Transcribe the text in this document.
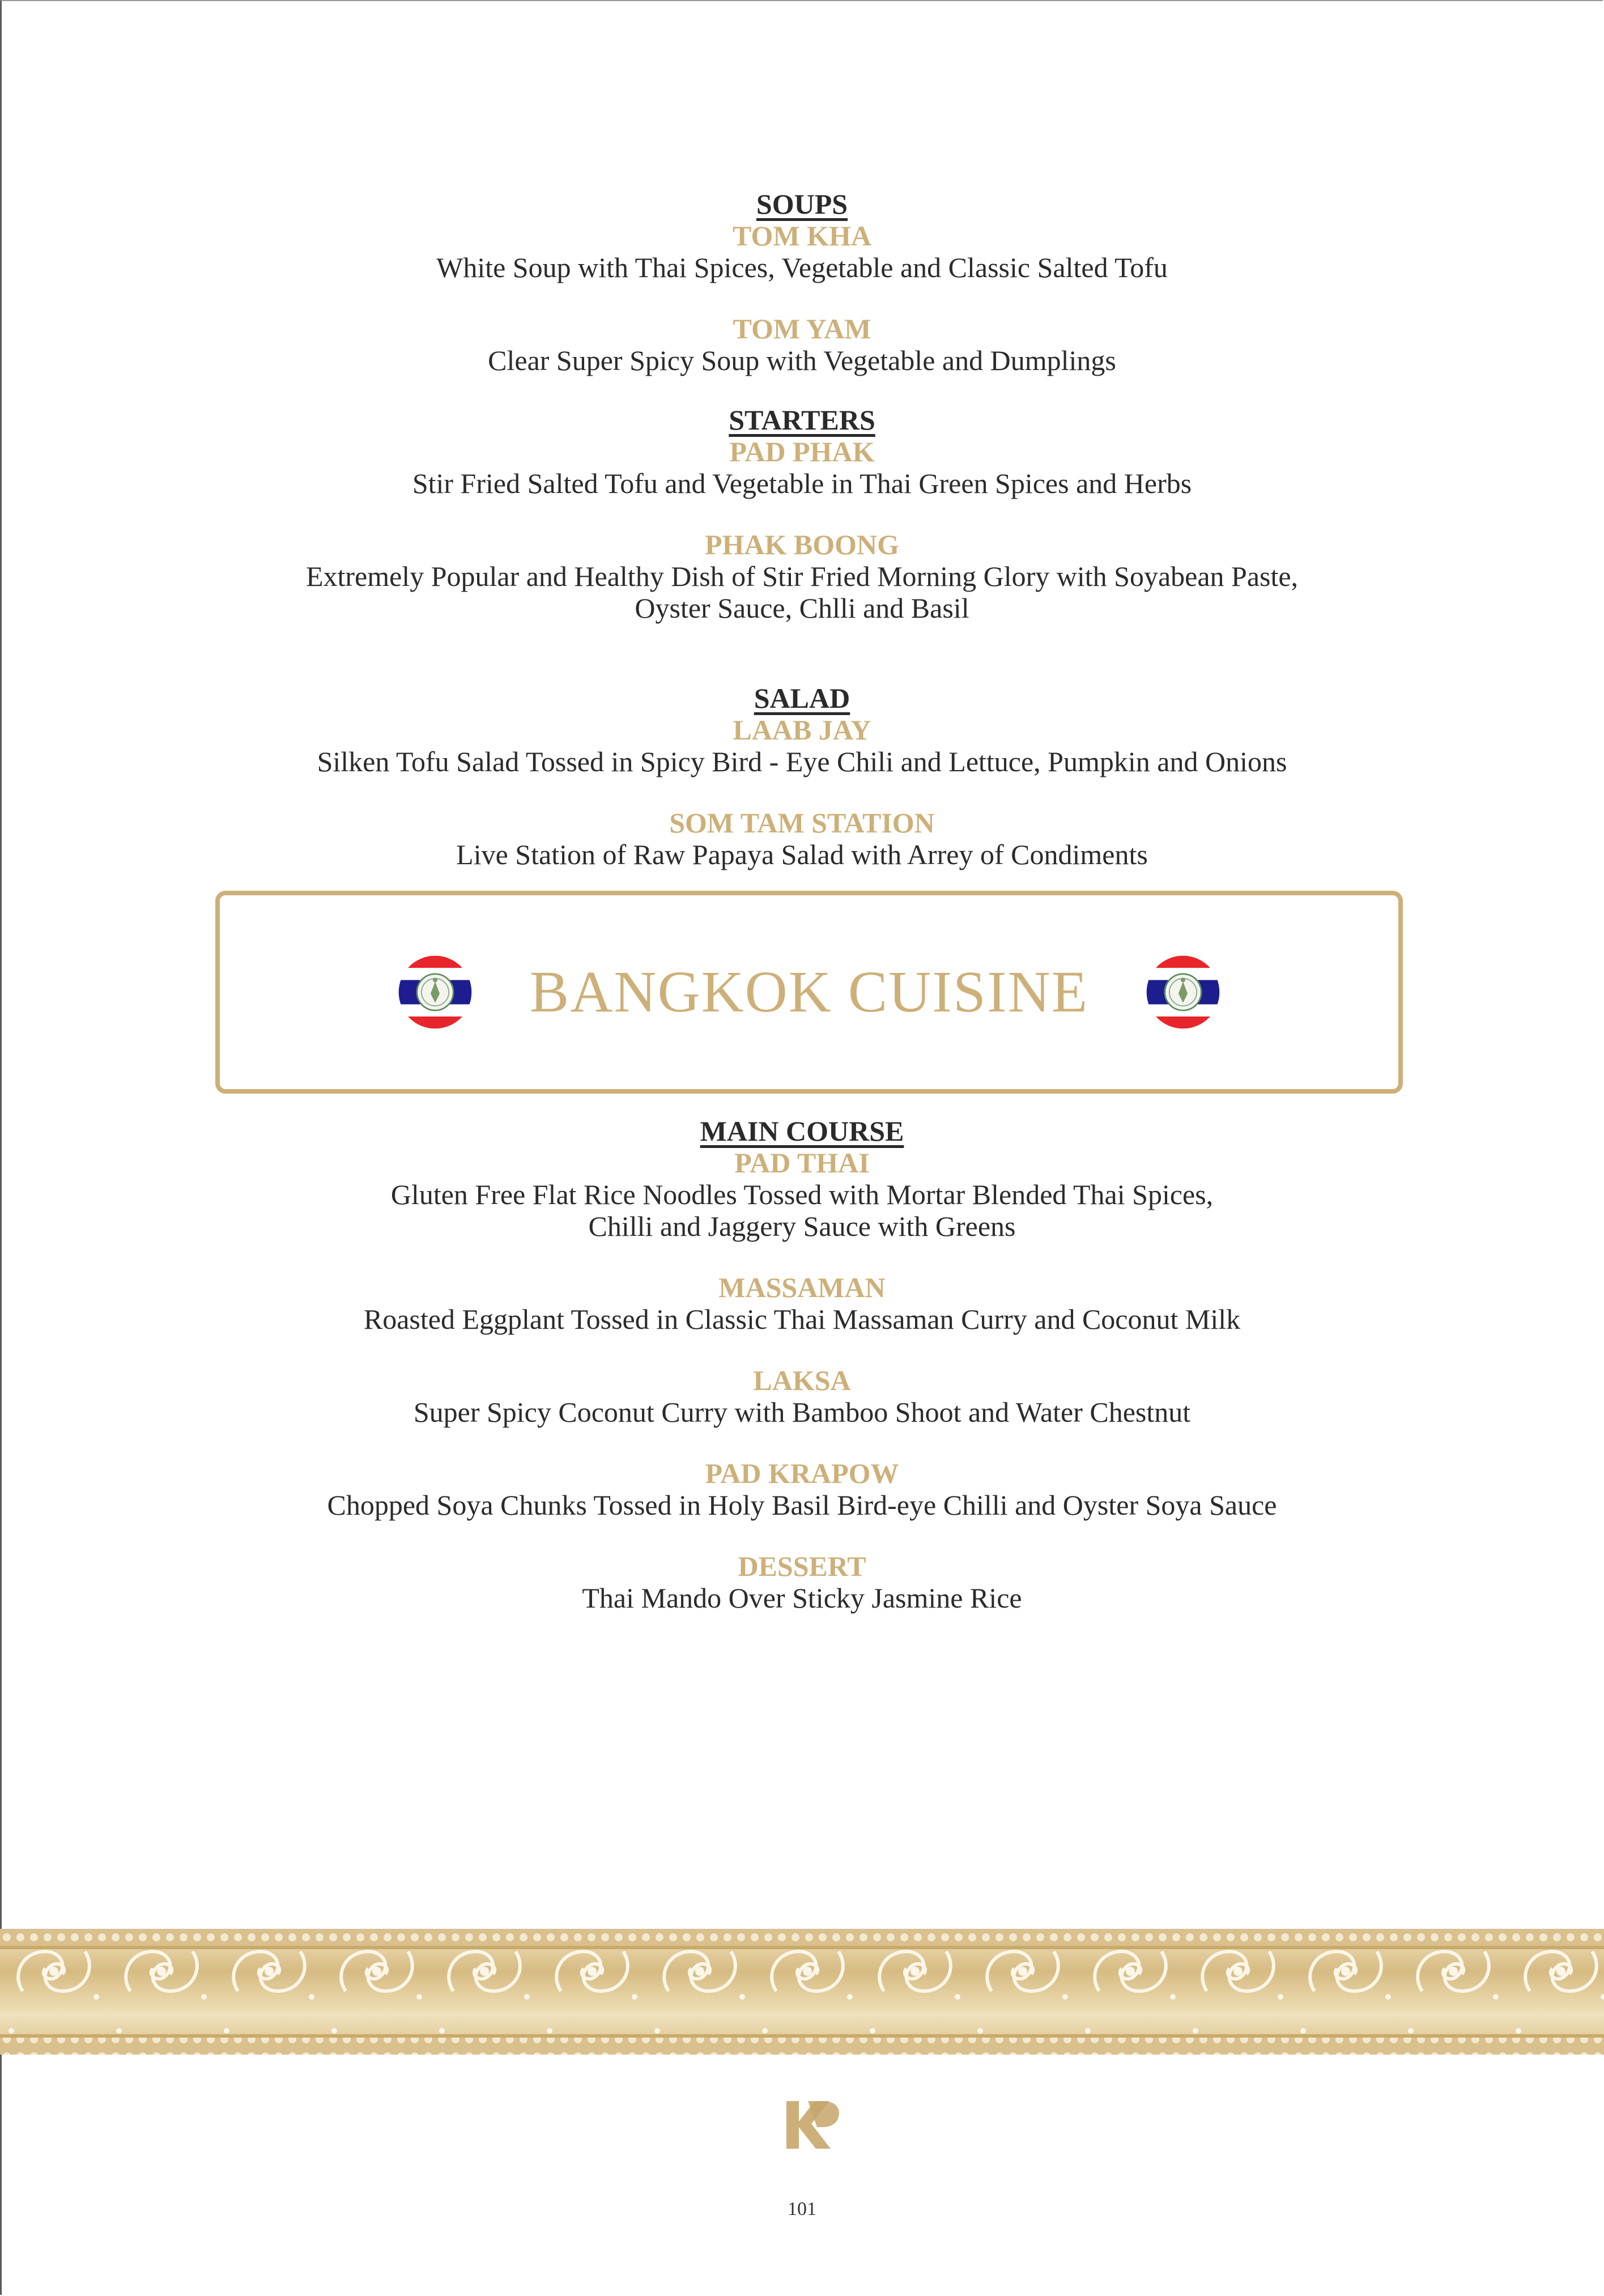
SOUPS

TOM KHA

White Soup with Thai Spices, Vegetable and Classic Salted Tofu

TOM YAM

Clear Super Spicy Soup with Vegetable and Dumplings

STARTERS

PAD PHAK

Stir Fried Salted Tofu and Vegetable in Thai Green Spices and Herbs

PHAK BOONG

Extremely Popular and Healthy Dish of Stir Fried Morning Glory with Soyabean Paste,

Oyster Sauce, Chlli and Basil

SALAD

LAAB JAY

Silken Tofu Salad Tossed in Spicy Bird - Eye Chili and Lettuce, Pumpkin and Onions

SOM TAM STATION

Live Station of Raw Papaya Salad with Arrey of Condiments

BANGKOK CUISINE

MAIN COURSE

PAD THAI

Gluten Free Flat Rice Noodles Tossed with Mortar Blended Thai Spices,

Chilli and Jaggery Sauce with Greens

MASSAMAN

Roasted Eggplant Tossed in Classic Thai Massaman Curry and Coconut Milk

LAKSA

Super Spicy Coconut Curry with Bamboo Shoot and Water Chestnut

PAD KRAPOW

Chopped Soya Chunks Tossed in Holy Basil Bird-eye Chilli and Oyster Soya Sauce

DESSERT

Thai Mando Over Sticky Jasmine Rice

101
